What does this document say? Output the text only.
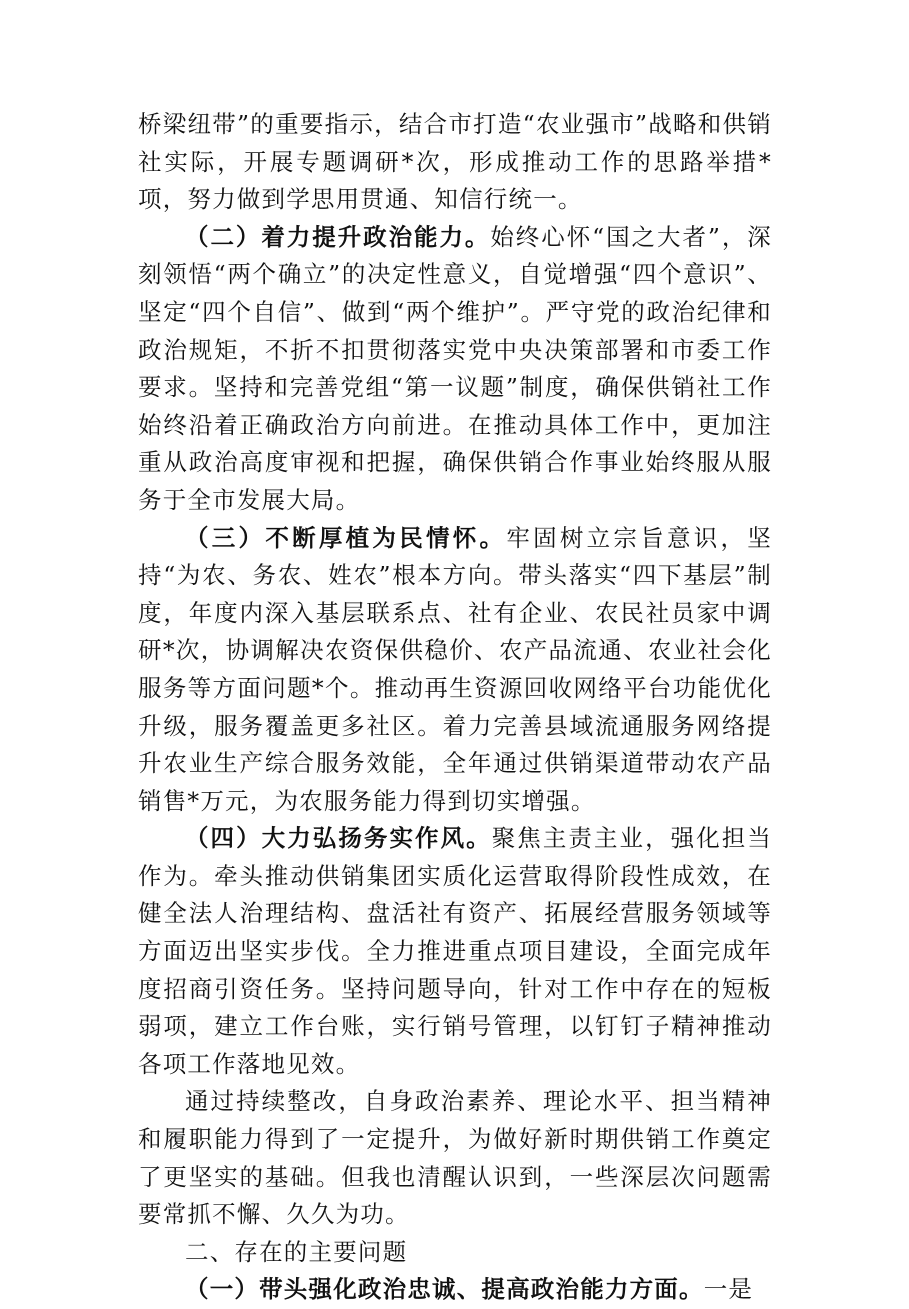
桥梁纽带”的重要指示，结合市打造“农业强市”战略和供销社实际，开展专题调研*次，形成推动工作的思路举措*项，努力做到学思用贯通、知信行统一。

（二）着力提升政治能力。始终心怀“国之大者”，深刻领悟“两个确立”的决定性意义，自觉增强“四个意识”、坚定“四个自信”、做到“两个维护”。严守党的政治纪律和政治规矩，不折不扣贯彻落实党中央决策部署和市委工作要求。坚持和完善党组“第一议题”制度，确保供销社工作始终沿着正确政治方向前进。在推动具体工作中，更加注重从政治高度审视和把握，确保供销合作事业始终服从服务于全市发展大局。

（三）不断厚植为民情怀。牢固树立宗旨意识，坚持“为农、务农、姓农”根本方向。带头落实“四下基层”制度，年度内深入基层联系点、社有企业、农民社员家中调研*次，协调解决农资保供稳价、农产品流通、农业社会化服务等方面问题*个。推动再生资源回收网络平台功能优化升级，服务覆盖更多社区。着力完善县域流通服务网络提升农业生产综合服务效能，全年通过供销渠道带动农产品销售*万元，为农服务能力得到切实增强。

（四）大力弘扬务实作风。聚焦主责主业，强化担当作为。牵头推动供销集团实质化运营取得阶段性成效，在健全法人治理结构、盘活社有资产、拓展经营服务领域等方面迈出坚实步伐。全力推进重点项目建设，全面完成年度招商引资任务。坚持问题导向，针对工作中存在的短板弱项，建立工作台账，实行销号管理，以钉钉子精神推动各项工作落地见效。

通过持续整改，自身政治素养、理论水平、担当精神和履职能力得到了一定提升，为做好新时期供销工作奠定了更坚实的基础。但我也清醒认识到，一些深层次问题需要常抓不懈、久久为功。

二、存在的主要问题

（一）带头强化政治忠诚、提高政治能力方面。一是
